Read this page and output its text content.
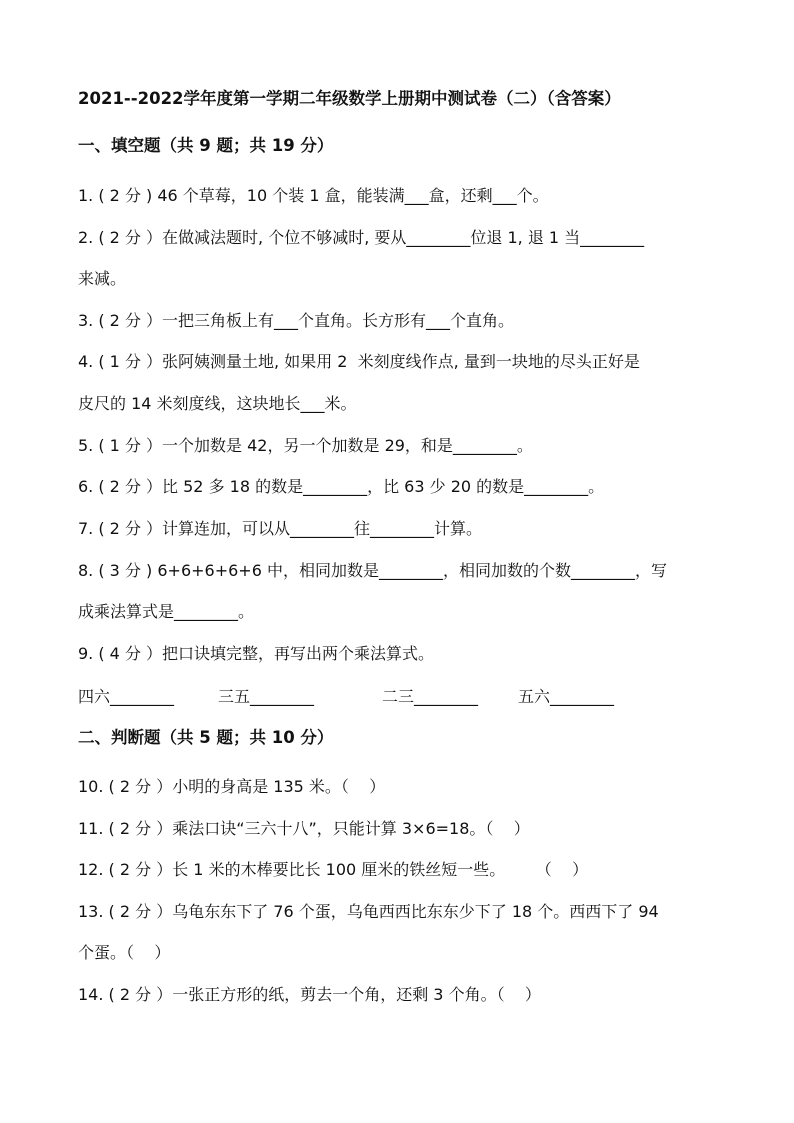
2021--2022学年度第一学期二年级数学上册期中测试卷（二）（含答案）
一、填空题（共 9 题；共 19 分）
1. ( 2 分 ) 46 个草莓，10 个装 1 盒，能装满___盒，还剩___个。
2. ( 2 分 ）在做减法题时, 个位不够减时, 要从________位退 1, 退 1 当________
来减。
3. ( 2 分 ）一把三角板上有___个直角。长方形有___个直角。
4. ( 1 分 ）张阿姨测量土地, 如果用 2  米刻度线作点, 量到一块地的尽头正好是
皮尺的 14 米刻度线，这块地长___米。
5. ( 1 分 ）一个加数是 42，另一个加数是 29，和是________。
6. ( 2 分 ）比 52 多 18 的数是________，比 63 少 20 的数是________。
7. ( 2 分 ）计算连加，可以从________往________计算。
8. ( 3 分 ) 6+6+6+6+6 中，相同加数是________，相同加数的个数________，写
成乘法算式是________。
9. ( 4 分 ）把口诀填完整，再写出两个乘法算式。
四六________	三五________	二三________ 五六________
二、判断题（共 5 题；共 10 分）
10. ( 2 分 ）小明的身高是 135 米。（    ）
11. ( 2 分 ）乘法口诀“三六十八”，只能计算 3×6=18。（    ）
12. ( 2 分 ）长 1 米的木棒要比长 100 厘米的铁丝短一些。      （    ）
13. ( 2 分 ）乌龟东东下了 76 个蛋，乌龟西西比东东少下了 18 个。西西下了 94
个蛋。（    ）
14. ( 2 分 ）一张正方形的纸，剪去一个角，还剩 3 个角。（    ）
